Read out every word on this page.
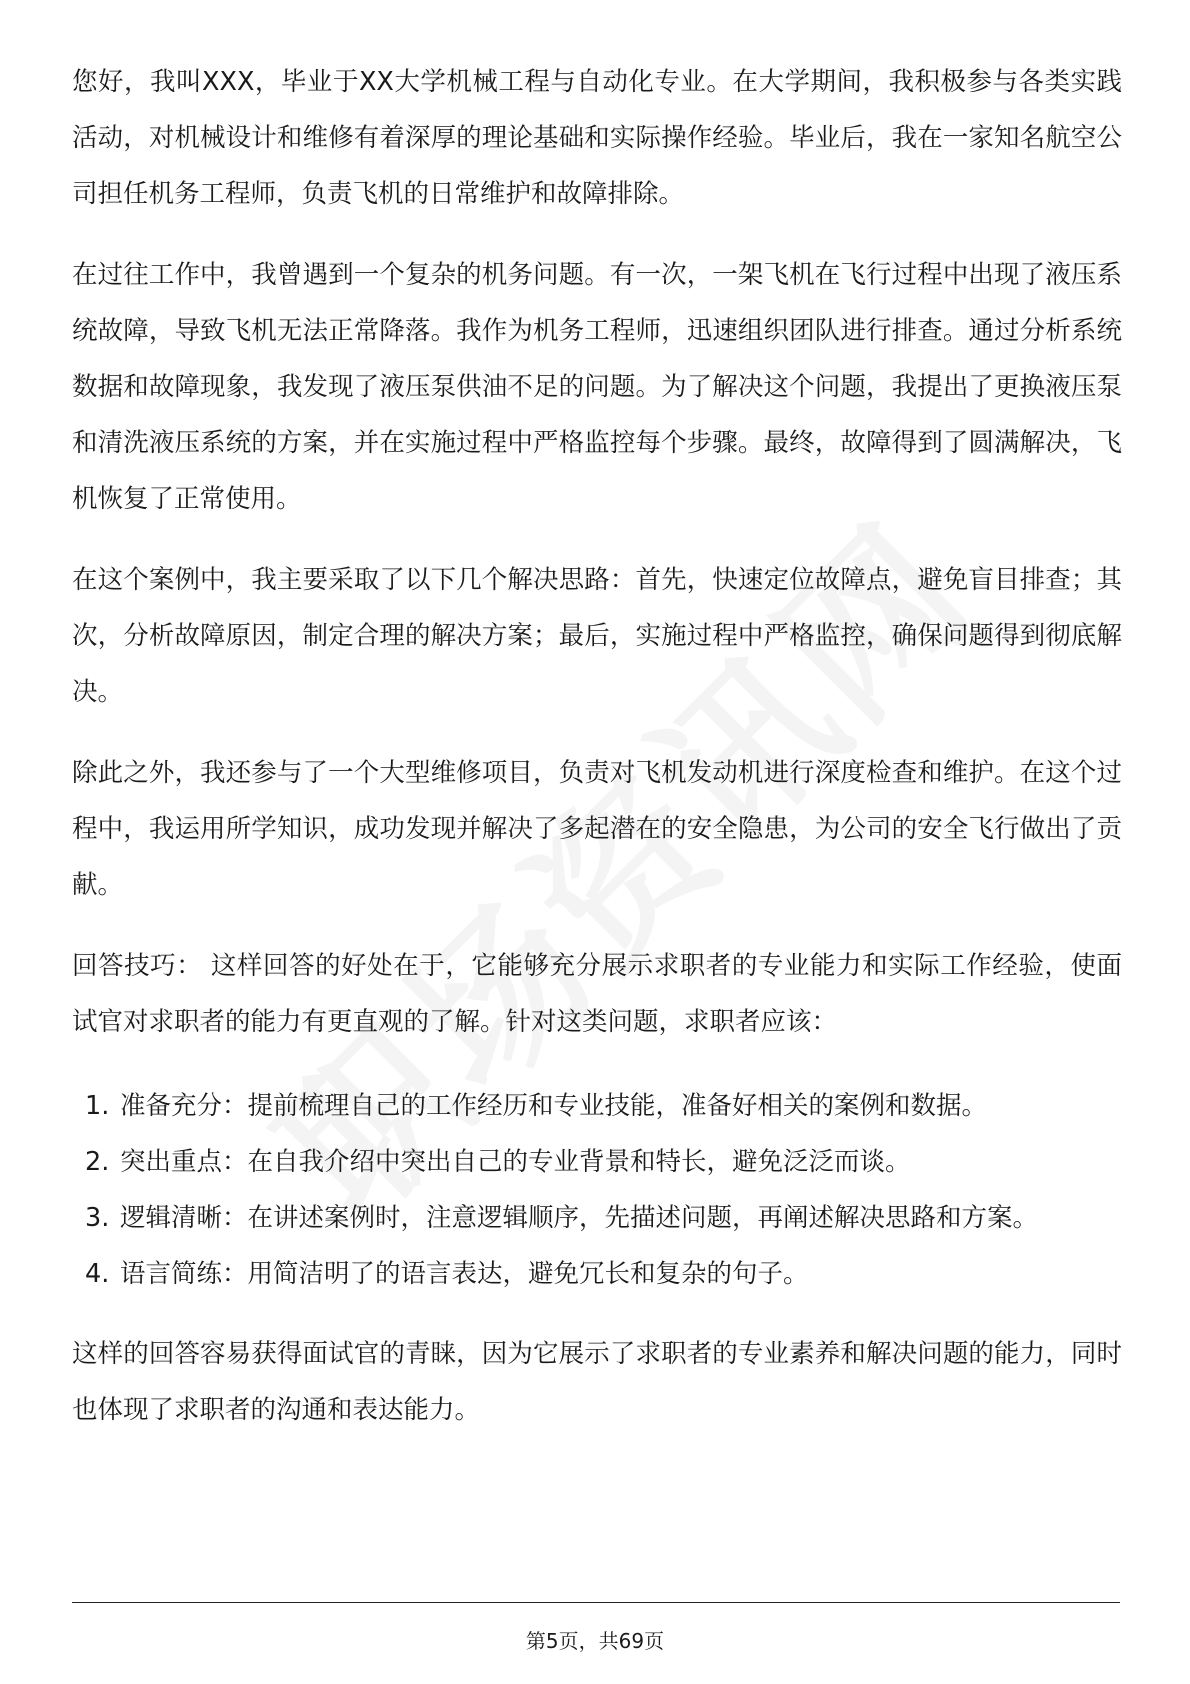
您好，我叫XXX，毕业于XX大学机械工程与自动化专业。在大学期间，我积极参与各类实践活动，对机械设计和维修有着深厚的理论基础和实际操作经验。毕业后，我在一家知名航空公司担任机务工程师，负责飞机的日常维护和故障排除。

在过往工作中，我曾遇到一个复杂的机务问题。有一次，一架飞机在飞行过程中出现了液压系统故障，导致飞机无法正常降落。我作为机务工程师，迅速组织团队进行排查。通过分析系统数据和故障现象，我发现了液压泵供油不足的问题。为了解决这个问题，我提出了更换液压泵和清洗液压系统的方案，并在实施过程中严格监控每个步骤。最终，故障得到了圆满解决，飞机恢复了正常使用。

在这个案例中，我主要采取了以下几个解决思路：首先，快速定位故障点，避免盲目排查；其次，分析故障原因，制定合理的解决方案；最后，实施过程中严格监控，确保问题得到彻底解决。

除此之外，我还参与了一个大型维修项目，负责对飞机发动机进行深度检查和维护。在这个过程中，我运用所学知识，成功发现并解决了多起潜在的安全隐患，为公司的安全飞行做出了贡献。

回答技巧： 这样回答的好处在于，它能够充分展示求职者的专业能力和实际工作经验，使面试官对求职者的能力有更直观的了解。针对这类问题，求职者应该：

1. 准备充分：提前梳理自己的工作经历和专业技能，准备好相关的案例和数据。
2. 突出重点：在自我介绍中突出自己的专业背景和特长，避免泛泛而谈。
3. 逻辑清晰：在讲述案例时，注意逻辑顺序，先描述问题，再阐述解决思路和方案。
4. 语言简练：用简洁明了的语言表达，避免冗长和复杂的句子。

这样的回答容易获得面试官的青睐，因为它展示了求职者的专业素养和解决问题的能力，同时也体现了求职者的沟通和表达能力。

第5页，共69页
